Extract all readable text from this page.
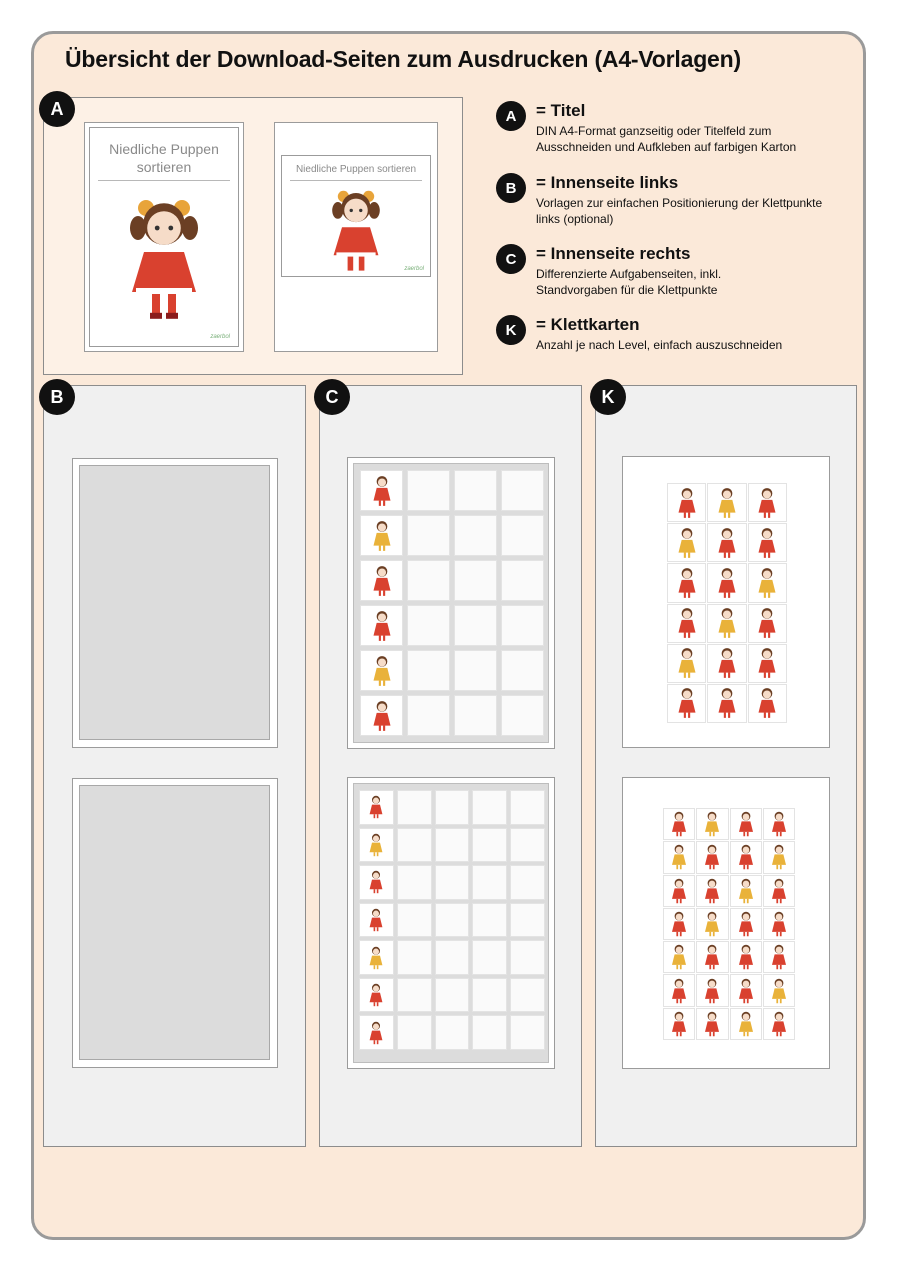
Übersicht der Download-Seiten zum Ausdrucken (A4-Vorlagen)
Niedliche Puppen sortieren
zaerbol
Niedliche Puppen sortieren
zaerbol
A	A	= Titel
DIN A4-Format ganzseitig oder Titelfeld zum Ausschneiden und Aufkleben auf farbigen Karton
B	= Innenseite links
Vorlagen zur einfachen Positionierung der Klettpunkte links (optional)
C	= Innenseite rechts
Differenzierte Aufgabenseiten, inkl. Standvorgaben für die Klettpunkte
K	= Klettkarten
Anzahl je nach Level, einfach auszuschneiden
B	C	K
